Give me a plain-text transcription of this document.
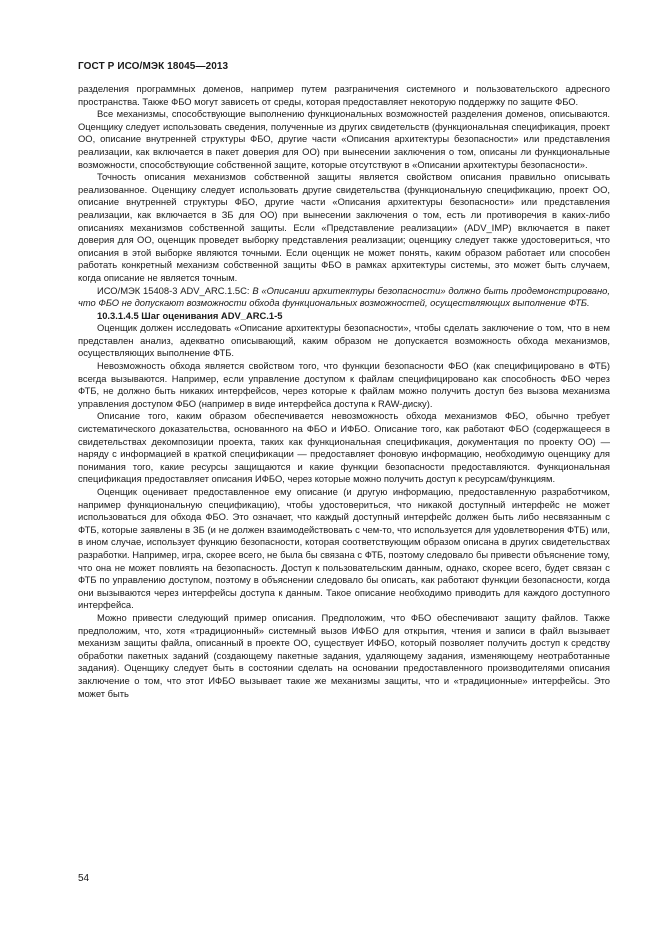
ГОСТ Р ИСО/МЭК 18045—2013

разделения программных доменов, например путем разграничения системного и пользовательского адресного пространства. Также ФБО могут зависеть от среды, которая предоставляет некоторую поддержку по защите ФБО.

Все механизмы, способствующие выполнению функциональных возможностей разделения доменов, описываются. Оценщику следует использовать сведения, полученные из других свидетельств (функциональная спецификация, проект ОО, описание внутренней структуры ФБО, другие части «Описания архитектуры безопасности» или представления реализации, как включается в пакет доверия для ОО) при вынесении заключения о том, описаны ли функциональные возможности, способствующие собственной защите, которые отсутствуют в «Описании архитектуры безопасности».

Точность описания механизмов собственной защиты является свойством описания правильно описывать реализованное. Оценщику следует использовать другие свидетельства (функциональную спецификацию, проект ОО, описание внутренней структуры ФБО, другие части «Описания архитектуры безопасности» или представления реализации, как включается в ЗБ для ОО) при вынесении заключения о том, есть ли противоречия в каких-либо описаниях механизмов собственной защиты. Если «Представление реализации» (ADV_IMP) включается в пакет доверия для ОО, оценщик проведет выборку представления реализации; оценщику следует также удостовериться, что описания в этой выборке являются точными. Если оценщик не может понять, каким образом работает или способен работать конкретный механизм собственной защиты ФБО в рамках архитектуры системы, это может быть случаем, когда описание не является точным.

ИСО/МЭК 15408-3 ADV_ARC.1.5C: В «Описании архитектуры безопасности» должно быть продемонстрировано, что ФБО не допускают возможности обхода функциональных возможностей, осуществляющих выполнение ФТБ.

10.3.1.4.5 Шаг оценивания ADV_ARC.1-5

Оценщик должен исследовать «Описание архитектуры безопасности», чтобы сделать заключение о том, что в нем представлен анализ, адекватно описывающий, каким образом не допускается возможность обхода механизмов, осуществляющих выполнение ФТБ.

Невозможность обхода является свойством того, что функции безопасности ФБО (как специфицировано в ФТБ) всегда вызываются. Например, если управление доступом к файлам специфицировано как способность ФБО через ФТБ, не должно быть никаких интерфейсов, через которые к файлам можно получить доступ без вызова механизма управления доступом ФБО (например в виде интерфейса доступа к RAW-диску).

Описание того, каким образом обеспечивается невозможность обхода механизмов ФБО, обычно требует систематического доказательства, основанного на ФБО и ИФБО. Описание того, как работают ФБО (содержащееся в свидетельствах декомпозиции проекта, таких как функциональная спецификация, документация по проекту ОО) — наряду с информацией в краткой спецификации — предоставляет фоновую информацию, необходимую оценщику для понимания того, какие ресурсы защищаются и какие функции безопасности предоставляются. Функциональная спецификация предоставляет описания ИФБО, через которые можно получить доступ к ресурсам/функциям.

Оценщик оценивает предоставленное ему описание (и другую информацию, предоставленную разработчиком, например функциональную спецификацию), чтобы удостовериться, что никакой доступный интерфейс не может использоваться для обхода ФБО. Это означает, что каждый доступный интерфейс должен быть либо несвязанным с ФТБ, которые заявлены в ЗБ (и не должен взаимодействовать с чем-то, что используется для удовлетворения ФТБ) или, в ином случае, использует функцию безопасности, которая соответствующим образом описана в других свидетельствах разработки. Например, игра, скорее всего, не была бы связана с ФТБ, поэтому следовало бы привести объяснение тому, что она не может повлиять на безопасность. Доступ к пользовательским данным, однако, скорее всего, будет связан с ФТБ по управлению доступом, поэтому в объяснении следовало бы описать, как работают функции безопасности, когда они вызываются через интерфейсы доступа к данным. Такое описание необходимо приводить для каждого доступного интерфейса.

Можно привести следующий пример описания. Предположим, что ФБО обеспечивают защиту файлов. Также предположим, что, хотя «традиционный» системный вызов ИФБО для открытия, чтения и записи в файл вызывает механизм защиты файла, описанный в проекте ОО, существует ИФБО, который позволяет получить доступ к средству обработки пакетных заданий (создающему пакетные задания, удаляющему задания, изменяющему неотработанные задания). Оценщику следует быть в состоянии сделать на основании предоставленного производителями описания заключение о том, что этот ИФБО вызывает такие же механизмы защиты, что и «традиционные» интерфейсы. Это может быть

54
